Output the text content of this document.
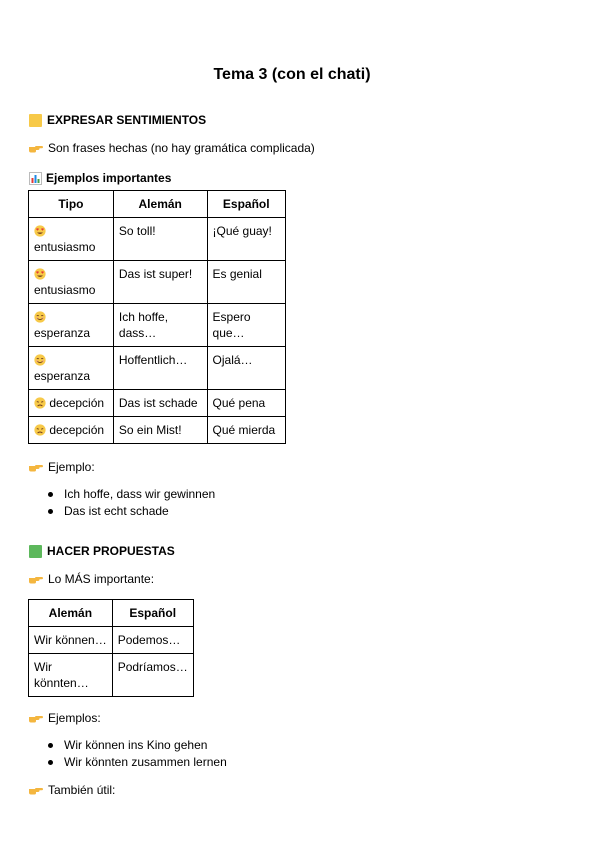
Tema 3 (con el chati)
EXPRESAR SENTIMIENTOS
Son frases hechas (no hay gramática complicada)
Ejemplos importantes
Tipo	Alemán	Español

entusiasmo	So toll!	¡Qué guay!

entusiasmo	Das ist super!	Es genial

esperanza	Ich hoffe, dass…	Espero que…

esperanza	Hoffentlich…	Ojalá…
decepción	Das ist schade	Qué pena
decepción	So ein Mist!	Qué mierda
Ejemplo:
Ich hoffe, dass wir gewinnen
Das ist echt schade
HACER PROPUESTAS
Lo MÁS importante:
Alemán	Español
Wir können…	Podemos…
Wir könnten…	Podríamos…
Ejemplos:
Wir können ins Kino gehen
Wir könnten zusammen lernen
También útil:
